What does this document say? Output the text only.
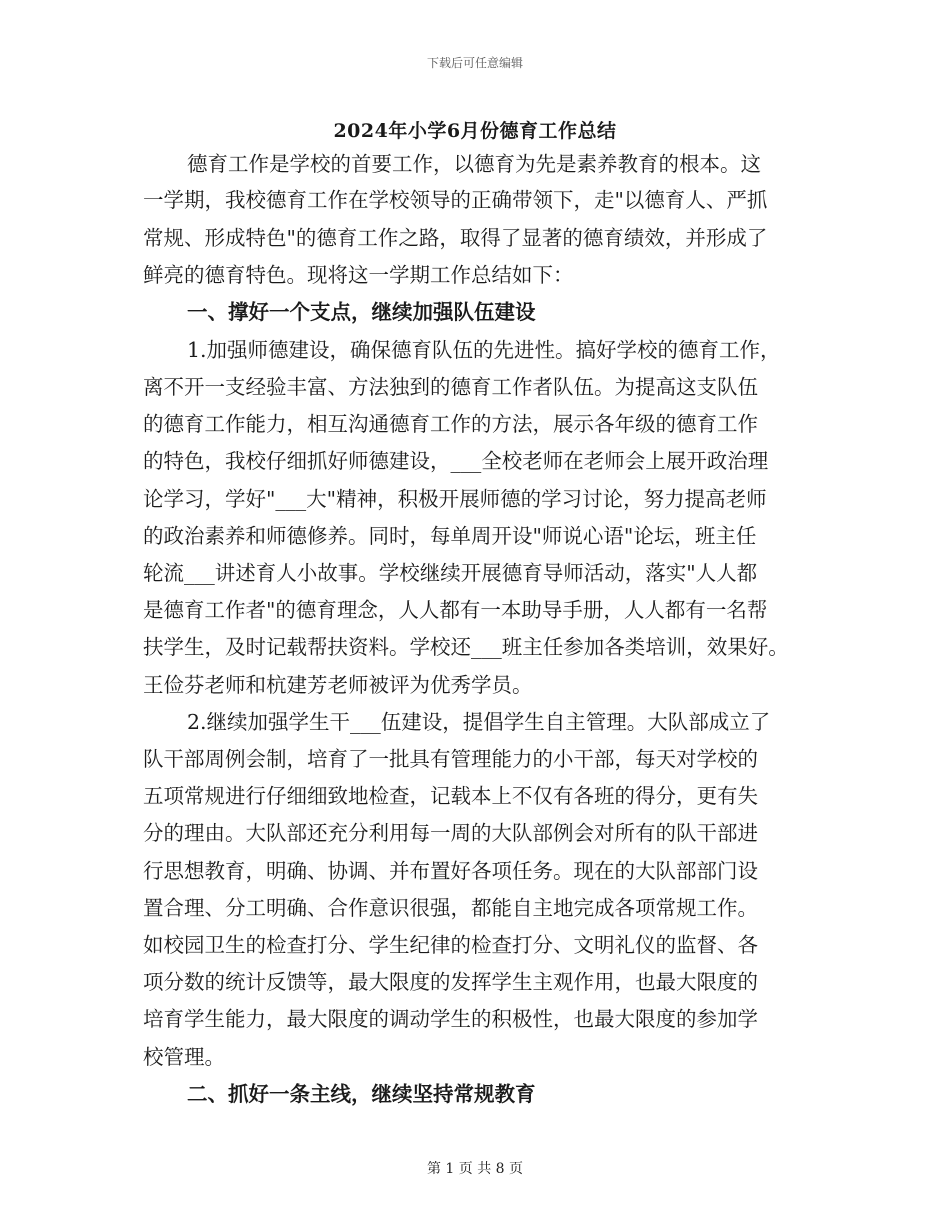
下载后可任意编辑
2024年小学6月份德育工作总结
德育工作是学校的首要工作，以德育为先是素养教育的根本。这
一学期，我校德育工作在学校领导的正确带领下，走"以德育人、严抓
常规、形成特色"的德育工作之路，取得了显著的德育绩效，并形成了
鲜亮的德育特色。现将这一学期工作总结如下：
一、撑好一个支点，继续加强队伍建设
1.加强师德建设，确保德育队伍的先进性。搞好学校的德育工作，
离不开一支经验丰富、方法独到的德育工作者队伍。为提高这支队伍
的德育工作能力，相互沟通德育工作的方法，展示各年级的德育工作
的特色，我校仔细抓好师德建设，___全校老师在老师会上展开政治理
论学习，学好"___大"精神，积极开展师德的学习讨论，努力提高老师
的政治素养和师德修养。同时，每单周开设"师说心语"论坛，班主任
轮流___讲述育人小故事。学校继续开展德育导师活动，落实"人人都
是德育工作者"的德育理念，人人都有一本助导手册，人人都有一名帮
扶学生，及时记载帮扶资料。学校还___班主任参加各类培训，效果好。
王俭芬老师和杭建芳老师被评为优秀学员。
2.继续加强学生干___伍建设，提倡学生自主管理。大队部成立了
队干部周例会制，培育了一批具有管理能力的小干部，每天对学校的
五项常规进行仔细细致地检查，记载本上不仅有各班的得分，更有失
分的理由。大队部还充分利用每一周的大队部例会对所有的队干部进
行思想教育，明确、协调、并布置好各项任务。现在的大队部部门设
置合理、分工明确、合作意识很强，都能自主地完成各项常规工作。
如校园卫生的检查打分、学生纪律的检查打分、文明礼仪的监督、各
项分数的统计反馈等，最大限度的发挥学生主观作用，也最大限度的
培育学生能力，最大限度的调动学生的积极性，也最大限度的参加学
校管理。
二、抓好一条主线，继续坚持常规教育
第 1 页 共 8 页
